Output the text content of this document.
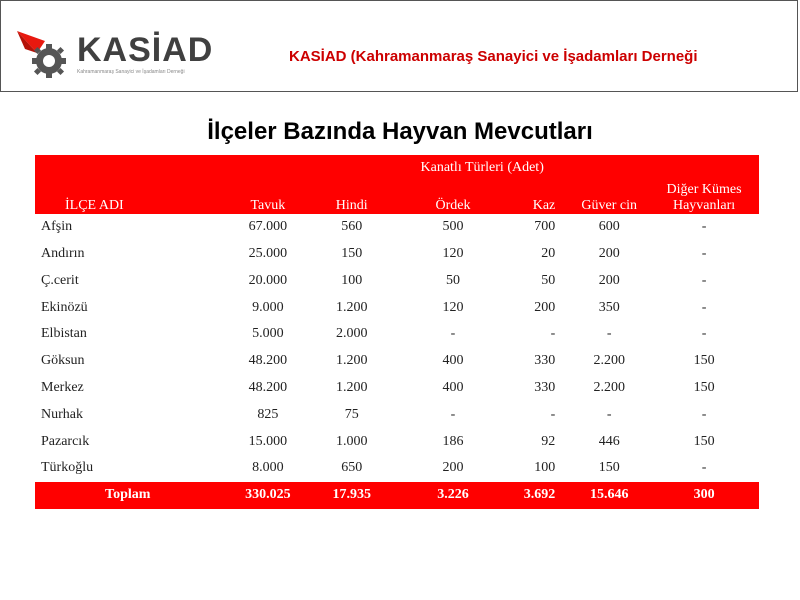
KASİAD
Kahramanmaraş Sanayici ve İşadamları Derneği
KASİAD (Kahramanmaraş Sanayici ve İşadamları Derneği
İlçeler Bazında Hayvan Mevcutları
		Kanatlı Türleri (Adet)				
İLÇE ADI	Tavuk	Hindi	Ördek	Kaz	Güver cin	Diğer Kümes Hayvanları
Afşin	67.000	560	500	700	600	-
Andırın	25.000	150	120	20	200	-
Ç.cerit	20.000	100	50	50	200	-
Ekinözü	9.000	1.200	120	200	350	-
Elbistan	5.000	2.000	-	-	-	-
Göksun	48.200	1.200	400	330	2.200	150
Merkez	48.200	1.200	400	330	2.200	150
Nurhak	825	75	-	-	-	-
Pazarcık	15.000	1.000	186	92	446	150
Türkoğlu	8.000	650	200	100	150	-
Toplam	330.025	17.935	3.226	3.692	15.646	300
